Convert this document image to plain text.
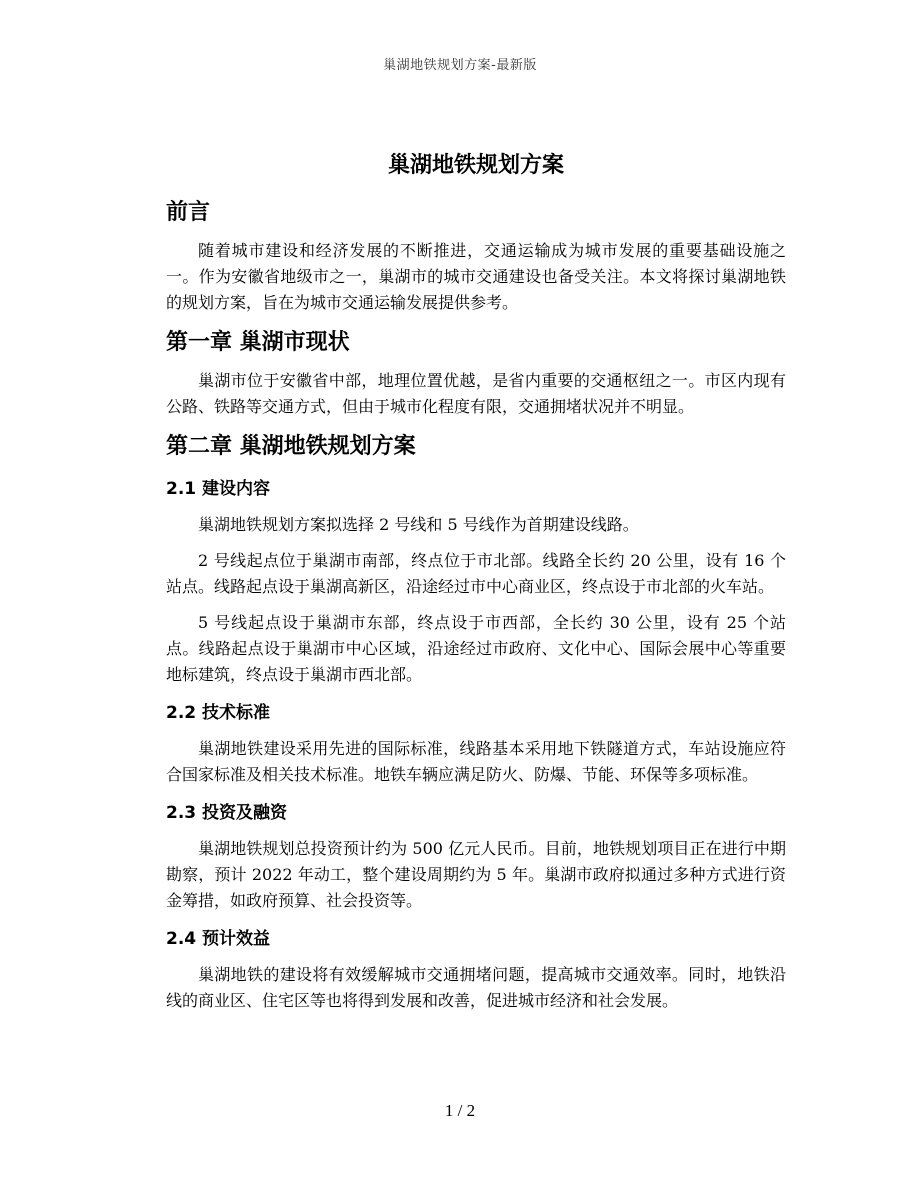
巢湖地铁规划方案-最新版
巢湖地铁规划方案
前言

随着城市建设和经济发展的不断推进，交通运输成为城市发展的重要基础设施之一。作为安徽省地级市之一，巢湖市的城市交通建设也备受关注。本文将探讨巢湖地铁的规划方案，旨在为城市交通运输发展提供参考。

第一章 巢湖市现状

巢湖市位于安徽省中部，地理位置优越，是省内重要的交通枢纽之一。市区内现有公路、铁路等交通方式，但由于城市化程度有限，交通拥堵状况并不明显。

第二章 巢湖地铁规划方案
2.1 建设内容

巢湖地铁规划方案拟选择 2 号线和 5 号线作为首期建设线路。

2 号线起点位于巢湖市南部，终点位于市北部。线路全长约 20 公里，设有 16 个站点。线路起点设于巢湖高新区，沿途经过市中心商业区，终点设于市北部的火车站。

5 号线起点设于巢湖市东部，终点设于市西部，全长约 30 公里，设有 25 个站点。线路起点设于巢湖市中心区域，沿途经过市政府、文化中心、国际会展中心等重要地标建筑，终点设于巢湖市西北部。

2.2 技术标准

巢湖地铁建设采用先进的国际标准，线路基本采用地下铁隧道方式，车站设施应符合国家标准及相关技术标准。地铁车辆应满足防火、防爆、节能、环保等多项标准。

2.3 投资及融资

巢湖地铁规划总投资预计约为 500 亿元人民币。目前，地铁规划项目正在进行中期勘察，预计 2022 年动工，整个建设周期约为 5 年。巢湖市政府拟通过多种方式进行资金筹措，如政府预算、社会投资等。

2.4 预计效益

巢湖地铁的建设将有效缓解城市交通拥堵问题，提高城市交通效率。同时，地铁沿线的商业区、住宅区等也将得到发展和改善，促进城市经济和社会发展。

1 / 2
